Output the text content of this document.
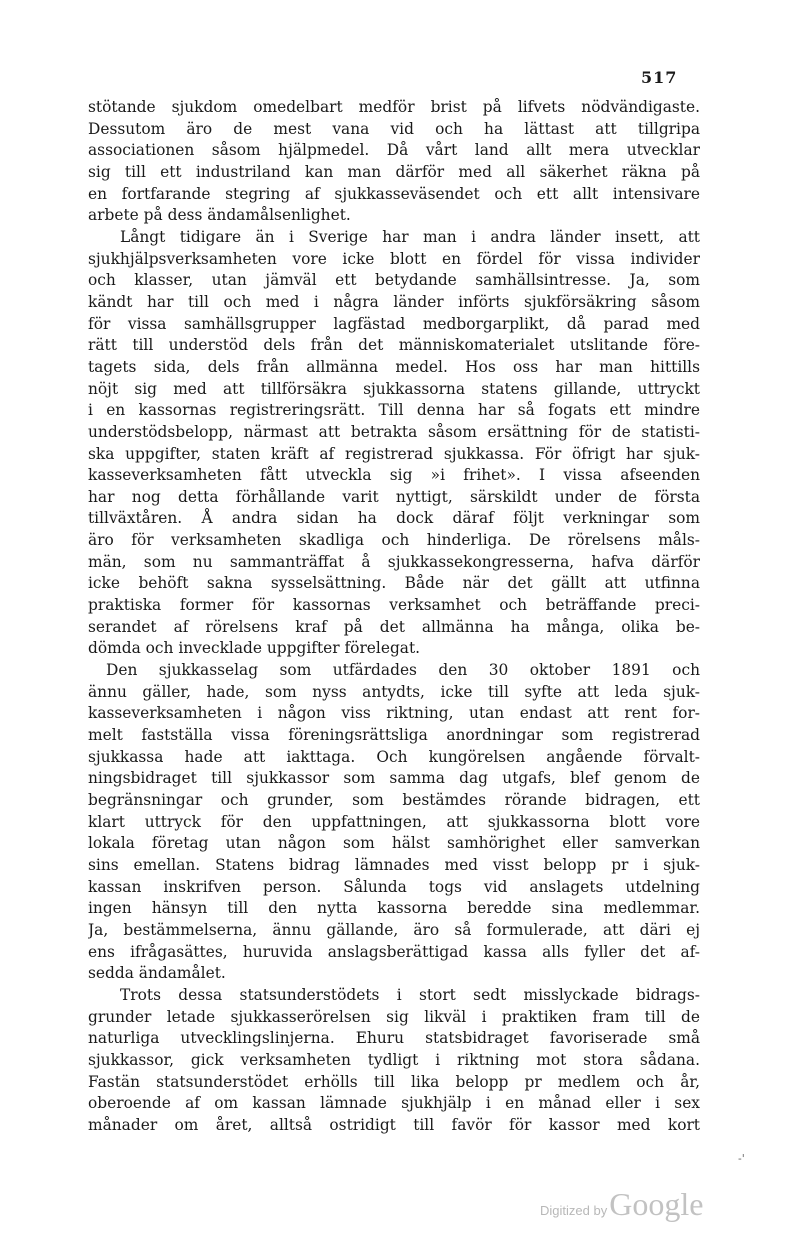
517
stötande sjukdom omedelbart medför brist på lifvets nödvändigaste.
Dessutom äro de mest vana vid och ha lättast att tillgripa
associationen såsom hjälpmedel. Då vårt land allt mera utvecklar
sig till ett industriland kan man därför med all säkerhet räkna på
en fortfarande stegring af sjukkasseväsendet och ett allt intensivare
arbete på dess ändamålsenlighet.
Långt tidigare än i Sverige har man i andra länder insett, att
sjukhjälpsverksamheten vore icke blott en fördel för vissa individer
och klasser, utan jämväl ett betydande samhällsintresse. Ja, som
kändt har till och med i några länder införts sjukförsäkring såsom
för vissa samhällsgrupper lagfästad medborgarplikt, då parad med
rätt till understöd dels från det människomaterialet utslitande före-
tagets sida, dels från allmänna medel. Hos oss har man hittills
nöjt sig med att tillförsäkra sjukkassorna statens gillande, uttryckt
i en kassornas registreringsrätt. Till denna har så fogats ett mindre
understödsbelopp, närmast att betrakta såsom ersättning för de statisti-
ska uppgifter, staten kräft af registrerad sjukkassa. För öfrigt har sjuk-
kasseverksamheten fått utveckla sig »i frihet». I vissa afseenden
har nog detta förhållande varit nyttigt, särskildt under de första
tillväxtåren. Å andra sidan ha dock däraf följt verkningar som
äro för verksamheten skadliga och hinderliga. De rörelsens måls-
män, som nu sammanträffat å sjukkassekongresserna, hafva därför
icke behöft sakna sysselsättning. Både när det gällt att utfinna
praktiska former för kassornas verksamhet och beträffande preci-
serandet af rörelsens kraf på det allmänna ha många, olika be-
dömda och invecklade uppgifter förelegat.
Den sjukkasselag som utfärdades den 30 oktober 1891 och
ännu gäller, hade, som nyss antydts, icke till syfte att leda sjuk-
kasseverksamheten i någon viss riktning, utan endast att rent for-
melt fastställa vissa föreningsrättsliga anordningar som registrerad
sjukkassa hade att iakttaga. Och kungörelsen angående förvalt-
ningsbidraget till sjukkassor som samma dag utgafs, blef genom de
begränsningar och grunder, som bestämdes rörande bidragen, ett
klart uttryck för den uppfattningen, att sjukkassorna blott vore
lokala företag utan någon som hälst samhörighet eller samverkan
sins emellan. Statens bidrag lämnades med visst belopp pr i sjuk-
kassan inskrifven person. Sålunda togs vid anslagets utdelning
ingen hänsyn till den nytta kassorna beredde sina medlemmar.
Ja, bestämmelserna, ännu gällande, äro så formulerade, att däri ej
ens ifrågasättes, huruvida anslagsberättigad kassa alls fyller det af-
sedda ändamålet.
Trots dessa statsunderstödets i stort sedt misslyckade bidrags-
grunder letade sjukkasserörelsen sig likväl i praktiken fram till de
naturliga utvecklingslinjerna. Ehuru statsbidraget favoriserade små
sjukkassor, gick verksamheten tydligt i riktning mot stora sådana.
Fastän statsunderstödet erhölls till lika belopp pr medlem och år,
oberoende af om kassan lämnade sjukhjälp i en månad eller i sex
månader om året, alltså ostridigt till favör för kassor med kort
-'
Digitized by Google
